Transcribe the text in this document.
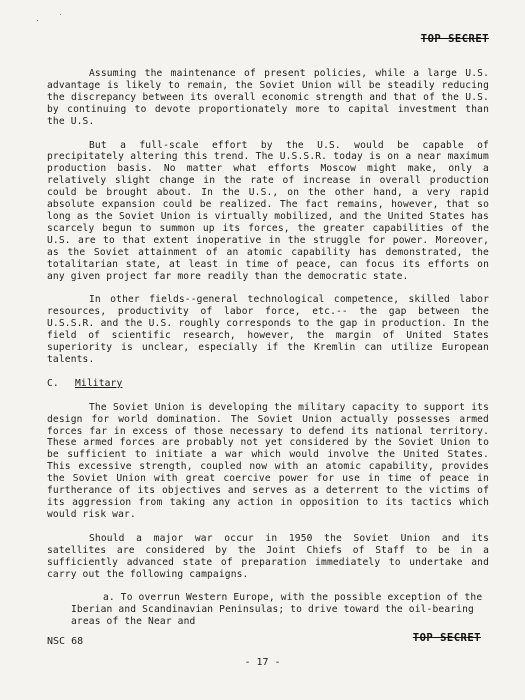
TOP SECRET

Assuming the maintenance of present policies, while a large U.S. advantage is likely to remain, the Soviet Union will be steadily reducing the discrepancy between its overall economic strength and that of the U.S. by continuing to devote proportionately more to capital investment than the U.S.

But a full-scale effort by the U.S. would be capable of precipitately altering this trend. The U.S.S.R. today is on a near maximum production basis. No matter what efforts Moscow might make, only a relatively slight change in the rate of increase in overall production could be brought about. In the U.S., on the other hand, a very rapid absolute expansion could be realized. The fact remains, however, that so long as the Soviet Union is virtually mobilized, and the United States has scarcely begun to summon up its forces, the greater capabilities of the U.S. are to that extent inoperative in the struggle for power. Moreover, as the Soviet attainment of an atomic capability has demonstrated, the totalitarian state, at least in time of peace, can focus its efforts on any given project far more readily than the democratic state.

In other fields--general technological competence, skilled labor resources, productivity of labor force, etc.-- the gap between the U.S.S.R. and the U.S. roughly corresponds to the gap in production. In the field of scientific research, however, the margin of United States superiority is unclear, especially if the Kremlin can utilize European talents.

C. Military

The Soviet Union is developing the military capacity to support its design for world domination. The Soviet Union actually possesses armed forces far in excess of those necessary to defend its national territory. These armed forces are probably not yet considered by the Soviet Union to be sufficient to initiate a war which would involve the United States. This excessive strength, coupled now with an atomic capability, provides the Soviet Union with great coercive power for use in time of peace in furtherance of its objectives and serves as a deterrent to the victims of its aggression from taking any action in opposition to its tactics which would risk war.

Should a major war occur in 1950 the Soviet Union and its satellites are considered by the Joint Chiefs of Staff to be in a sufficiently advanced state of preparation immediately to undertake and carry out the following campaigns.

a. To overrun Western Europe, with the possible exception of the Iberian and Scandinavian Peninsulas; to drive toward the oil-bearing areas of the Near and

NSC 68	TOP SECRET
- 17 -
